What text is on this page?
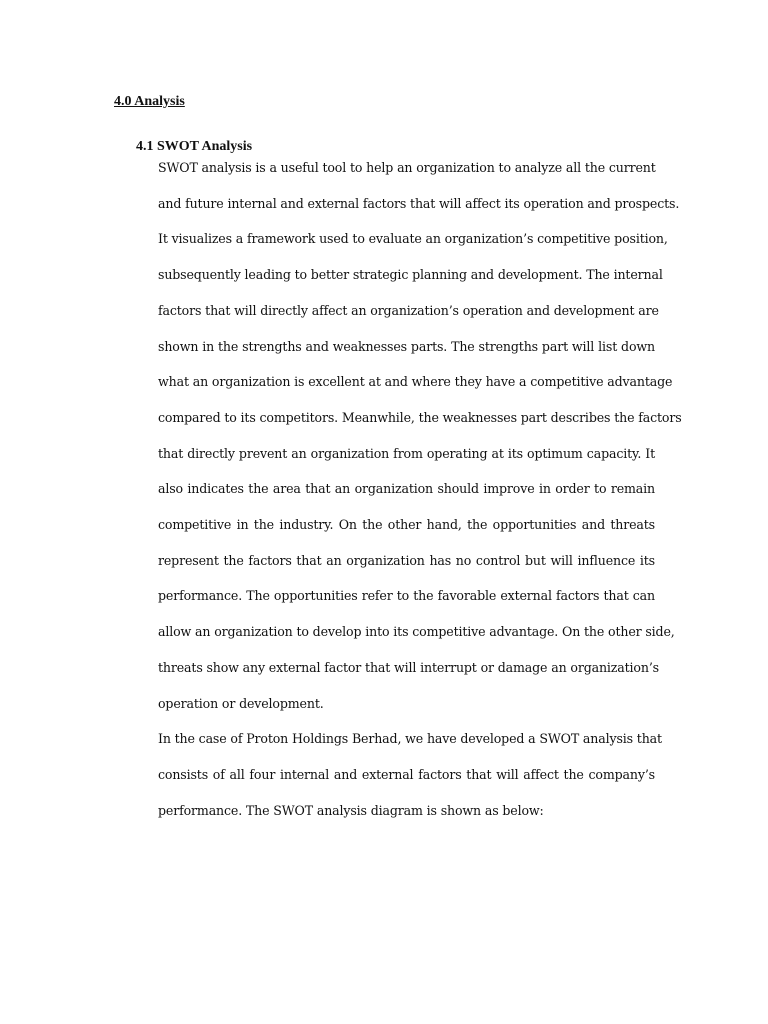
4.0 Analysis
4.1 SWOT Analysis
SWOT analysis is a useful tool to help an organization to analyze all the current
and future internal and external factors that will affect its operation and prospects.
It visualizes a framework used to evaluate an organization’s competitive position,
subsequently leading to better strategic planning and development. The internal
factors that will directly affect an organization’s operation and development are
shown in the strengths and weaknesses parts. The strengths part will list down
what an organization is excellent at and where they have a competitive advantage
compared to its competitors. Meanwhile, the weaknesses part describes the factors
that directly prevent an organization from operating at its optimum capacity. It
also indicates the area that an organization should improve in order to remain
competitive in the industry. On the other hand, the opportunities and threats
represent the factors that an organization has no control but will influence its
performance. The opportunities refer to the favorable external factors that can
allow an organization to develop into its competitive advantage. On the other side,
threats show any external factor that will interrupt or damage an organization’s
operation or development.
In the case of Proton Holdings Berhad, we have developed a SWOT analysis that
consists of all four internal and external factors that will affect the company’s
performance. The SWOT analysis diagram is shown as below:
